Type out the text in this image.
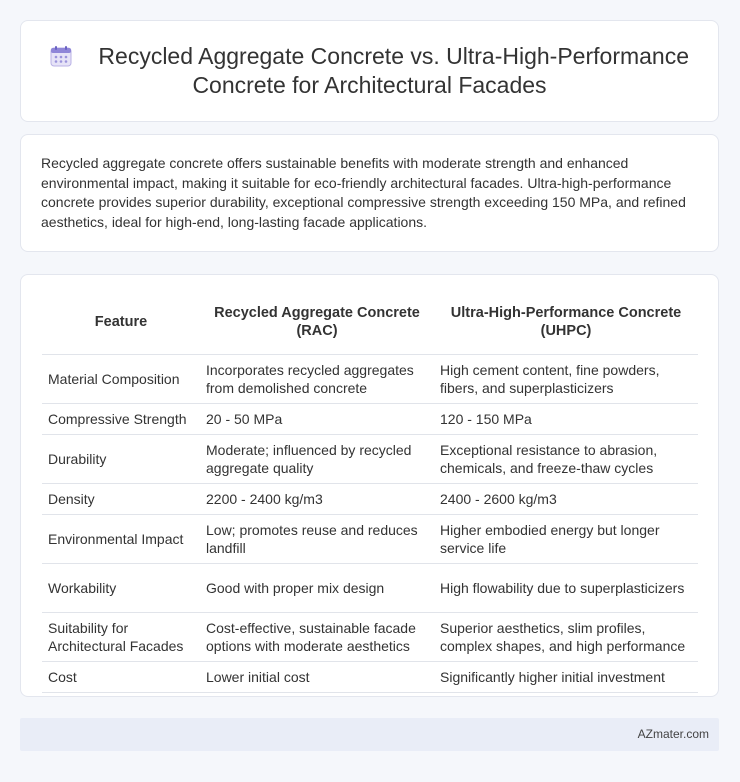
Recycled Aggregate Concrete vs. Ultra-High-Performance Concrete for Architectural Facades

Recycled aggregate concrete offers sustainable benefits with moderate strength and enhanced environmental impact, making it suitable for eco-friendly architectural facades. Ultra-high-performance concrete provides superior durability, exceptional compressive strength exceeding 150 MPa, and refined aesthetics, ideal for high-end, long-lasting facade applications.

Feature	Recycled Aggregate Concrete (RAC)	Ultra-High-Performance Concrete (UHPC)
Material Composition	Incorporates recycled aggregates from demolished concrete	High cement content, fine powders, fibers, and superplasticizers
Compressive Strength	20 - 50 MPa	120 - 150 MPa
Durability	Moderate; influenced by recycled aggregate quality	Exceptional resistance to abrasion, chemicals, and freeze-thaw cycles
Density	2200 - 2400 kg/m3	2400 - 2600 kg/m3
Environmental Impact	Low; promotes reuse and reduces landfill	Higher embodied energy but longer service life
Workability	Good with proper mix design	High flowability due to superplasticizers
Suitability for Architectural Facades	Cost-effective, sustainable facade options with moderate aesthetics	Superior aesthetics, slim profiles, complex shapes, and high performance
Cost	Lower initial cost	Significantly higher initial investment
AZmater.com
